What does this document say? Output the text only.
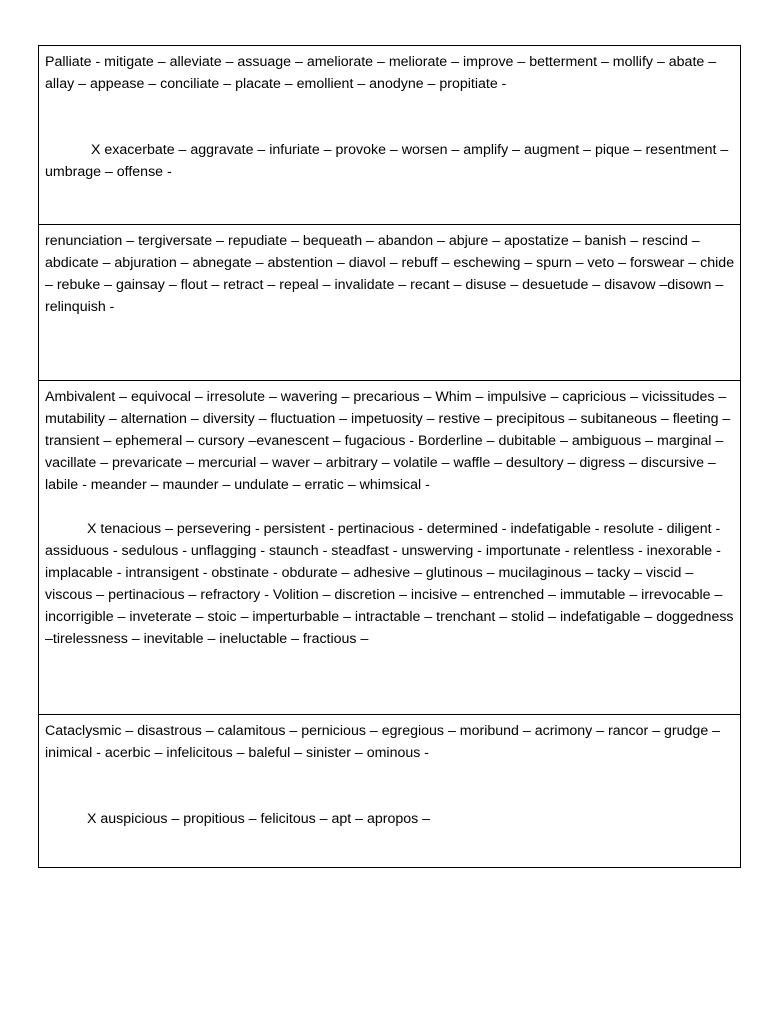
Palliate - mitigate – alleviate – assuage – ameliorate – meliorate – improve – betterment – mollify – abate – allay – appease – conciliate – placate – emollient – anodyne – propitiate -

X exacerbate – aggravate – infuriate – provoke – worsen – amplify – augment – pique – resentment – umbrage – offense -

renunciation – tergiversate – repudiate – bequeath – abandon – abjure – apostatize – banish – rescind – abdicate – abjuration – abnegate – abstention – diavol – rebuff – eschewing – spurn – veto – forswear – chide – rebuke – gainsay – flout – retract – repeal – invalidate – recant – disuse – desuetude – disavow –disown – relinquish -

Ambivalent – equivocal – irresolute – wavering – precarious – Whim – impulsive – capricious – vicissitudes – mutability – alternation – diversity – fluctuation – impetuosity – restive – precipitous – subitaneous – fleeting – transient – ephemeral – cursory –evanescent – fugacious - Borderline – dubitable – ambiguous – marginal – vacillate – prevaricate – mercurial – waver – arbitrary – volatile – waffle – desultory – digress – discursive – labile - meander – maunder – undulate – erratic – whimsical -

X tenacious – persevering - persistent - pertinacious - determined - indefatigable - resolute - diligent - assiduous - sedulous - unflagging - staunch - steadfast - unswerving - importunate - relentless - inexorable - implacable - intransigent - obstinate - obdurate – adhesive – glutinous – mucilaginous – tacky – viscid – viscous – pertinacious – refractory - Volition – discretion – incisive – entrenched – immutable – irrevocable – incorrigible – inveterate – stoic – imperturbable – intractable – trenchant – stolid – indefatigable – doggedness –tirelessness – inevitable – ineluctable – fractious –

Cataclysmic – disastrous – calamitous – pernicious – egregious – moribund – acrimony – rancor – grudge – inimical - acerbic – infelicitous – baleful – sinister – ominous -

X auspicious – propitious – felicitous – apt – apropos –
